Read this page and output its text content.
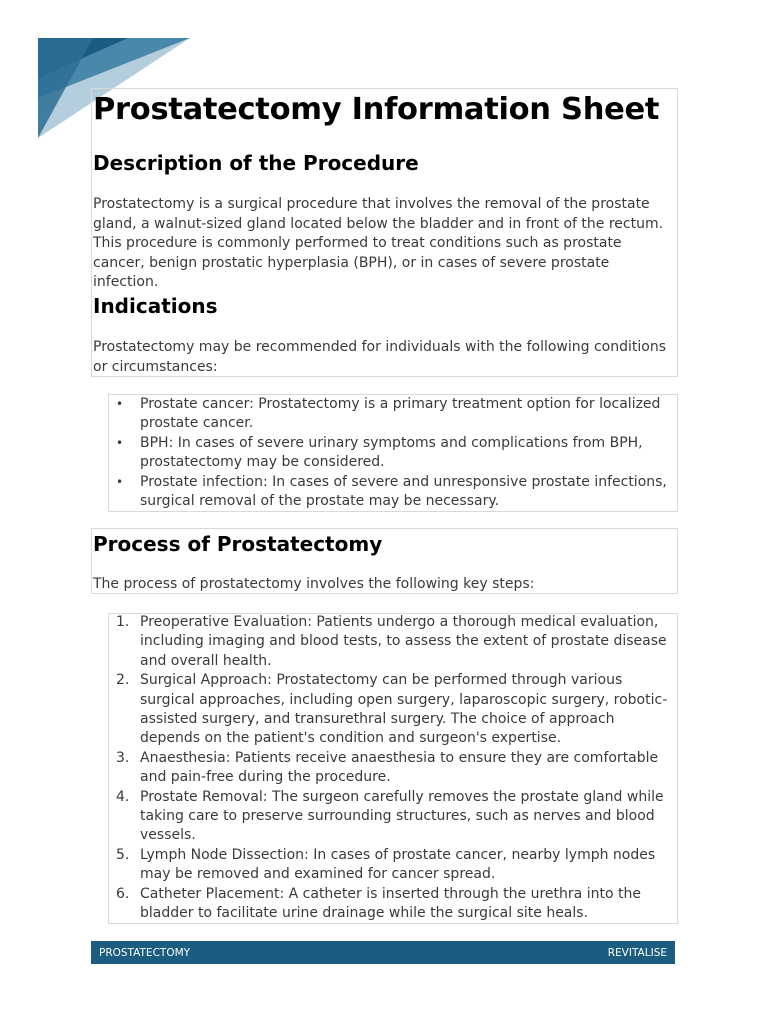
Prostatectomy Information Sheet
Description of the Procedure

Prostatectomy is a surgical procedure that involves the removal of the prostate gland, a walnut-sized gland located below the bladder and in front of the rectum. This procedure is commonly performed to treat conditions such as prostate cancer, benign prostatic hyperplasia (BPH), or in cases of severe prostate infection.

Indications

Prostatectomy may be recommended for individuals with the following conditions or circumstances:

•	Prostate cancer: Prostatectomy is a primary treatment option for localized prostate cancer.
•	BPH: In cases of severe urinary symptoms and complications from BPH, prostatectomy may be considered.
•	Prostate infection: In cases of severe and unresponsive prostate infections, surgical removal of the prostate may be necessary.
Process of Prostatectomy

The process of prostatectomy involves the following key steps:

1. Preoperative Evaluation: Patients undergo a thorough medical evaluation, including imaging and blood tests, to assess the extent of prostate disease and overall health.
2. Surgical Approach: Prostatectomy can be performed through various surgical approaches, including open surgery, laparoscopic surgery, robotic-assisted surgery, and transurethral surgery. The choice of approach depends on the patient's condition and surgeon's expertise.
3. Anaesthesia: Patients receive anaesthesia to ensure they are comfortable and pain-free during the procedure.
4. Prostate Removal: The surgeon carefully removes the prostate gland while taking care to preserve surrounding structures, such as nerves and blood vessels.
5. Lymph Node Dissection: In cases of prostate cancer, nearby lymph nodes may be removed and examined for cancer spread.
6. Catheter Placement: A catheter is inserted through the urethra into the bladder to facilitate urine drainage while the surgical site heals.
PROSTATECTOMY	REVITALISE
